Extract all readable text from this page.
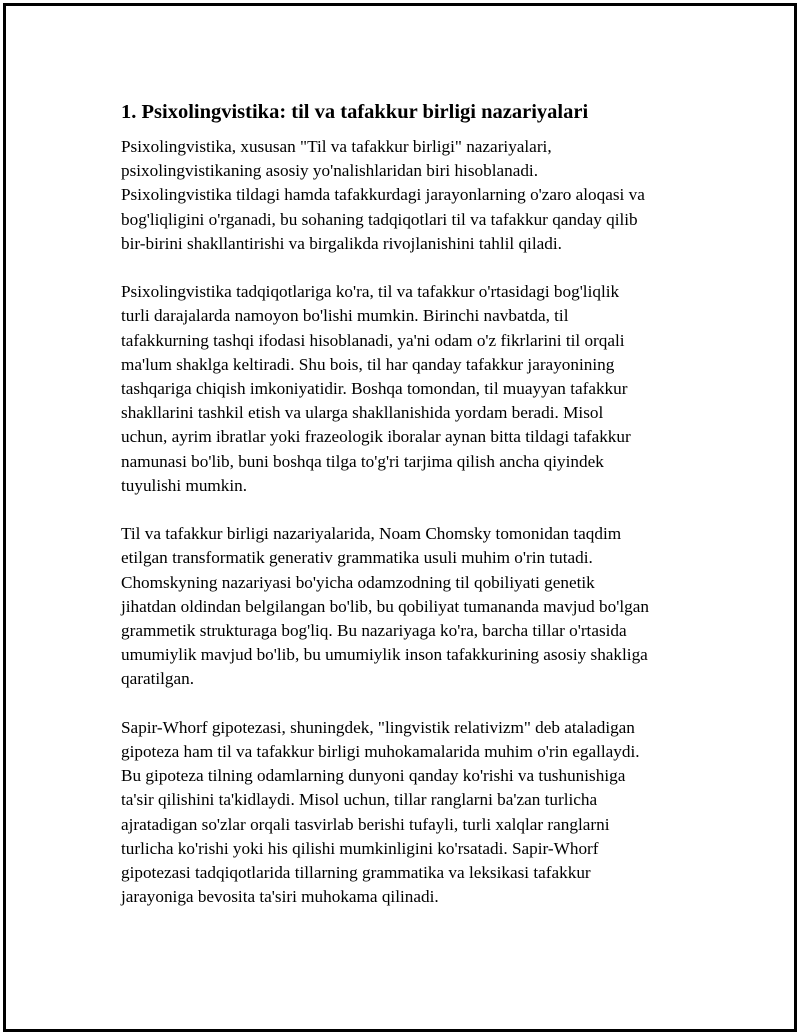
1. Psixolingvistika: til va tafakkur birligi nazariyalari
Psixolingvistika, xususan "Til va tafakkur birligi" nazariyalari,
psixolingvistikaning asosiy yo'nalishlaridan biri hisoblanadi.
Psixolingvistika tildagi hamda tafakkurdagi jarayonlarning o'zaro aloqasi va
bog'liqligini o'rganadi, bu sohaning tadqiqotlari til va tafakkur qanday qilib
bir-birini shakllantirishi va birgalikda rivojlanishini tahlil qiladi.
Psixolingvistika tadqiqotlariga ko'ra, til va tafakkur o'rtasidagi bog'liqlik
turli darajalarda namoyon bo'lishi mumkin. Birinchi navbatda, til
tafakkurning tashqi ifodasi hisoblanadi, ya'ni odam o'z fikrlarini til orqali
ma'lum shaklga keltiradi. Shu bois, til har qanday tafakkur jarayonining
tashqariga chiqish imkoniyatidir. Boshqa tomondan, til muayyan tafakkur
shakllarini tashkil etish va ularga shakllanishida yordam beradi. Misol
uchun, ayrim ibratlar yoki frazeologik iboralar aynan bitta tildagi tafakkur
namunasi bo'lib, buni boshqa tilga to'g'ri tarjima qilish ancha qiyindek
tuyulishi mumkin.
Til va tafakkur birligi nazariyalarida, Noam Chomsky tomonidan taqdim
etilgan transformatik generativ grammatika usuli muhim o'rin tutadi.
Chomskyning nazariyasi bo'yicha odamzodning til qobiliyati genetik
jihatdan oldindan belgilangan bo'lib, bu qobiliyat tumananda mavjud bo'lgan
grammetik strukturaga bog'liq. Bu nazariyaga ko'ra, barcha tillar o'rtasida
umumiylik mavjud bo'lib, bu umumiylik inson tafakkurining asosiy shakliga
qaratilgan.
Sapir-Whorf gipotezasi, shuningdek, "lingvistik relativizm" deb ataladigan
gipoteza ham til va tafakkur birligi muhokamalarida muhim o'rin egallaydi.
Bu gipoteza tilning odamlarning dunyoni qanday ko'rishi va tushunishiga
ta'sir qilishini ta'kidlaydi. Misol uchun, tillar ranglarni ba'zan turlicha
ajratadigan so'zlar orqali tasvirlab berishi tufayli, turli xalqlar ranglarni
turlicha ko'rishi yoki his qilishi mumkinligini ko'rsatadi. Sapir-Whorf
gipotezasi tadqiqotlarida tillarning grammatika va leksikasi tafakkur
jarayoniga bevosita ta'siri muhokama qilinadi.
